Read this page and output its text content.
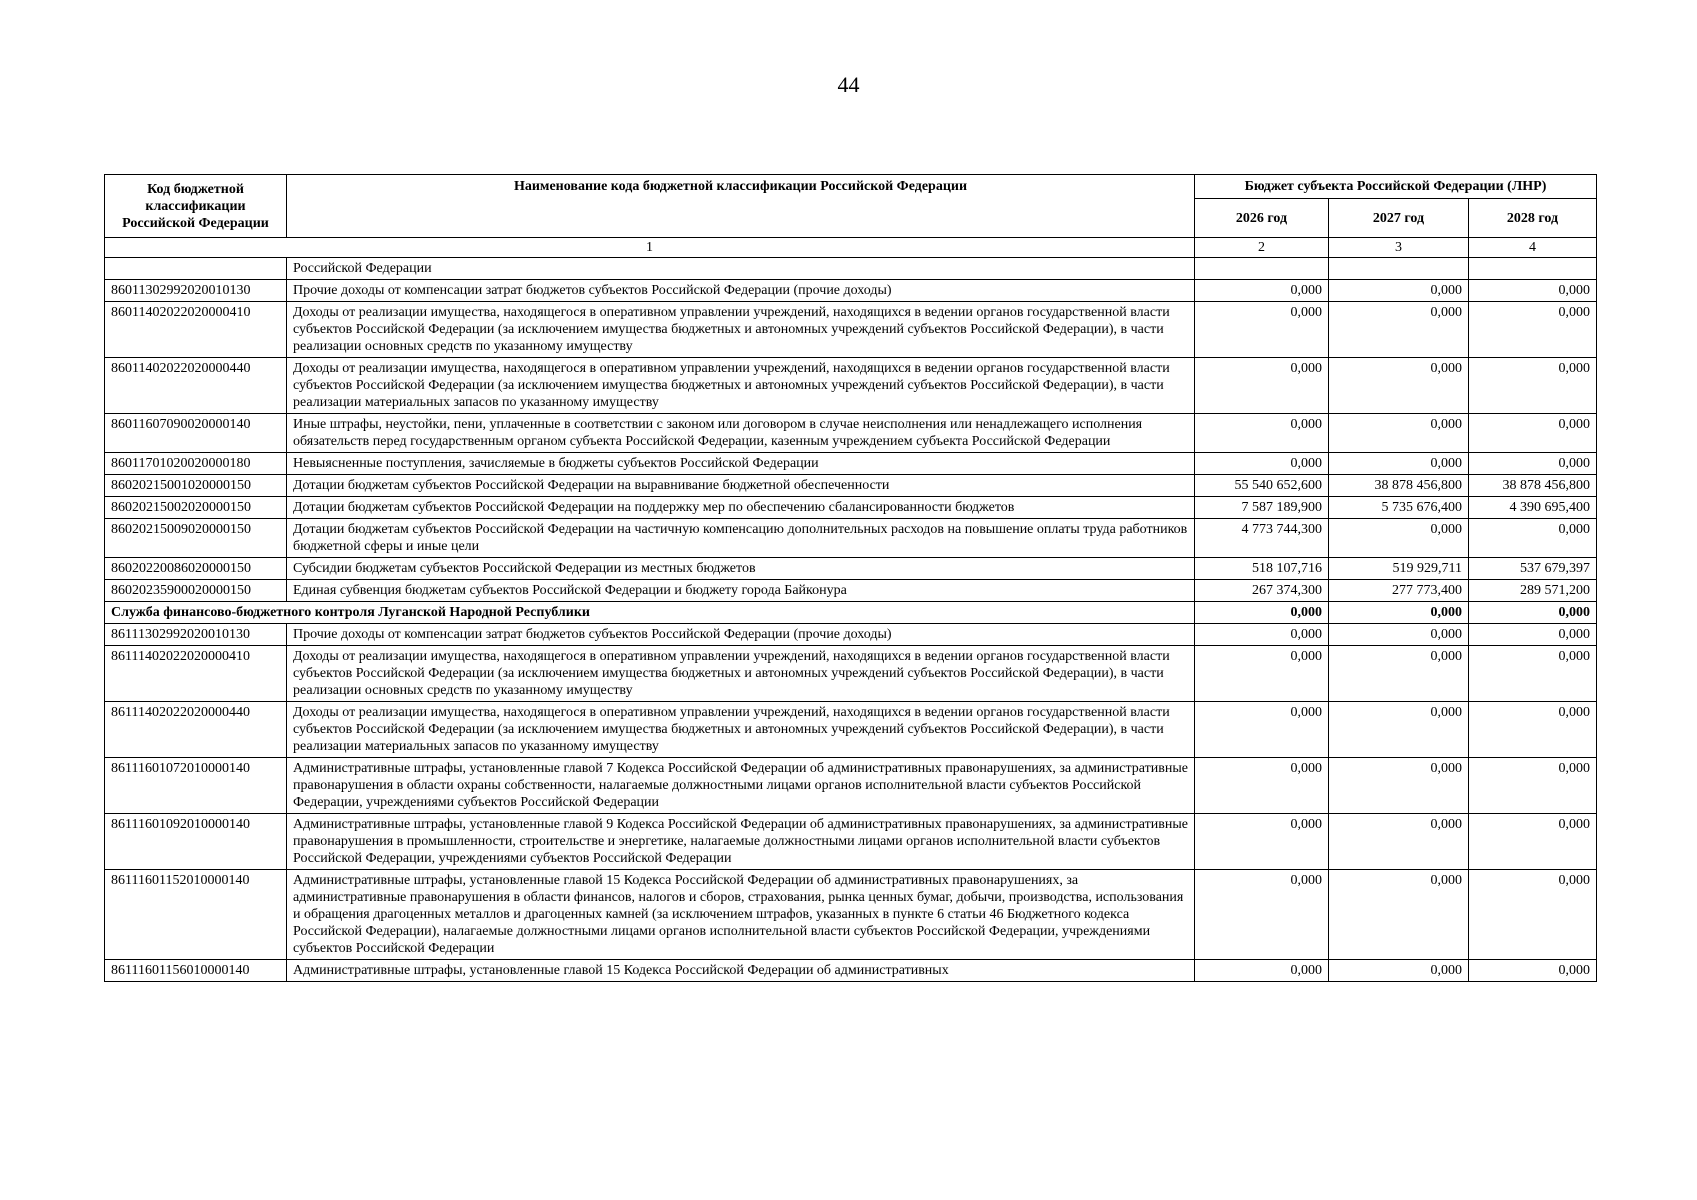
44
Код бюджетной классификации Российской Федерации	Наименование кода бюджетной классификации Российской Федерации	Бюджет субъекта Российской Федерации (ЛНР)		
		2026 год	2027 год	2028 год
1		2	3	4
	Российской Федерации			
86011302992020010130	Прочие доходы от компенсации затрат бюджетов субъектов Российской Федерации (прочие доходы)	0,000	0,000	0,000
86011402022020000410	Доходы от реализации имущества, находящегося в оперативном управлении учреждений, находящихся в ведении органов государственной власти субъектов Российской Федерации (за исключением имущества бюджетных и автономных учреждений субъектов Российской Федерации), в части реализации основных средств по указанному имуществу	0,000	0,000	0,000
86011402022020000440	Доходы от реализации имущества, находящегося в оперативном управлении учреждений, находящихся в ведении органов государственной власти субъектов Российской Федерации (за исключением имущества бюджетных и автономных учреждений субъектов Российской Федерации), в части реализации материальных запасов по указанному имуществу	0,000	0,000	0,000
86011607090020000140	Иные штрафы, неустойки, пени, уплаченные в соответствии с законом или договором в случае неисполнения или ненадлежащего исполнения обязательств перед государственным органом субъекта Российской Федерации, казенным учреждением субъекта Российской Федерации	0,000	0,000	0,000
86011701020020000180	Невыясненные поступления, зачисляемые в бюджеты субъектов Российской Федерации	0,000	0,000	0,000
86020215001020000150	Дотации бюджетам субъектов Российской Федерации на выравнивание бюджетной обеспеченности	55 540 652,600	38 878 456,800	38 878 456,800
86020215002020000150	Дотации бюджетам субъектов Российской Федерации на поддержку мер по обеспечению сбалансированности бюджетов	7 587 189,900	5 735 676,400	4 390 695,400
86020215009020000150	Дотации бюджетам субъектов Российской Федерации на частичную компенсацию дополнительных расходов на повышение оплаты труда работников бюджетной сферы и иные цели	4 773 744,300	0,000	0,000
86020220086020000150	Субсидии бюджетам субъектов Российской Федерации из местных бюджетов	518 107,716	519 929,711	537 679,397
86020235900020000150	Единая субвенция бюджетам субъектов Российской Федерации и бюджету города Байконура	267 374,300	277 773,400	289 571,200
Служба финансово-бюджетного контроля Луганской Народной Республики		0,000	0,000	0,000
86111302992020010130	Прочие доходы от компенсации затрат бюджетов субъектов Российской Федерации (прочие доходы)	0,000	0,000	0,000
86111402022020000410	Доходы от реализации имущества, находящегося в оперативном управлении учреждений, находящихся в ведении органов государственной власти субъектов Российской Федерации (за исключением имущества бюджетных и автономных учреждений субъектов Российской Федерации), в части реализации основных средств по указанному имуществу	0,000	0,000	0,000
86111402022020000440	Доходы от реализации имущества, находящегося в оперативном управлении учреждений, находящихся в ведении органов государственной власти субъектов Российской Федерации (за исключением имущества бюджетных и автономных учреждений субъектов Российской Федерации), в части реализации материальных запасов по указанному имуществу	0,000	0,000	0,000
86111601072010000140	Административные штрафы, установленные главой 7 Кодекса Российской Федерации об административных правонарушениях, за административные правонарушения в области охраны собственности, налагаемые должностными лицами органов исполнительной власти субъектов Российской Федерации, учреждениями субъектов Российской Федерации	0,000	0,000	0,000
86111601092010000140	Административные штрафы, установленные главой 9 Кодекса Российской Федерации об административных правонарушениях, за административные правонарушения в промышленности, строительстве и энергетике, налагаемые должностными лицами органов исполнительной власти субъектов Российской Федерации, учреждениями субъектов Российской Федерации	0,000	0,000	0,000
86111601152010000140	Административные штрафы, установленные главой 15 Кодекса Российской Федерации об административных правонарушениях, за административные правонарушения в области финансов, налогов и сборов, страхования, рынка ценных бумаг, добычи, производства, использования и обращения драгоценных металлов и драгоценных камней (за исключением штрафов, указанных в пункте 6 статьи 46 Бюджетного кодекса Российской Федерации), налагаемые должностными лицами органов исполнительной власти субъектов Российской Федерации, учреждениями субъектов Российской Федерации	0,000	0,000	0,000
86111601156010000140	Административные штрафы, установленные главой 15 Кодекса Российской Федерации об административных	0,000	0,000	0,000
